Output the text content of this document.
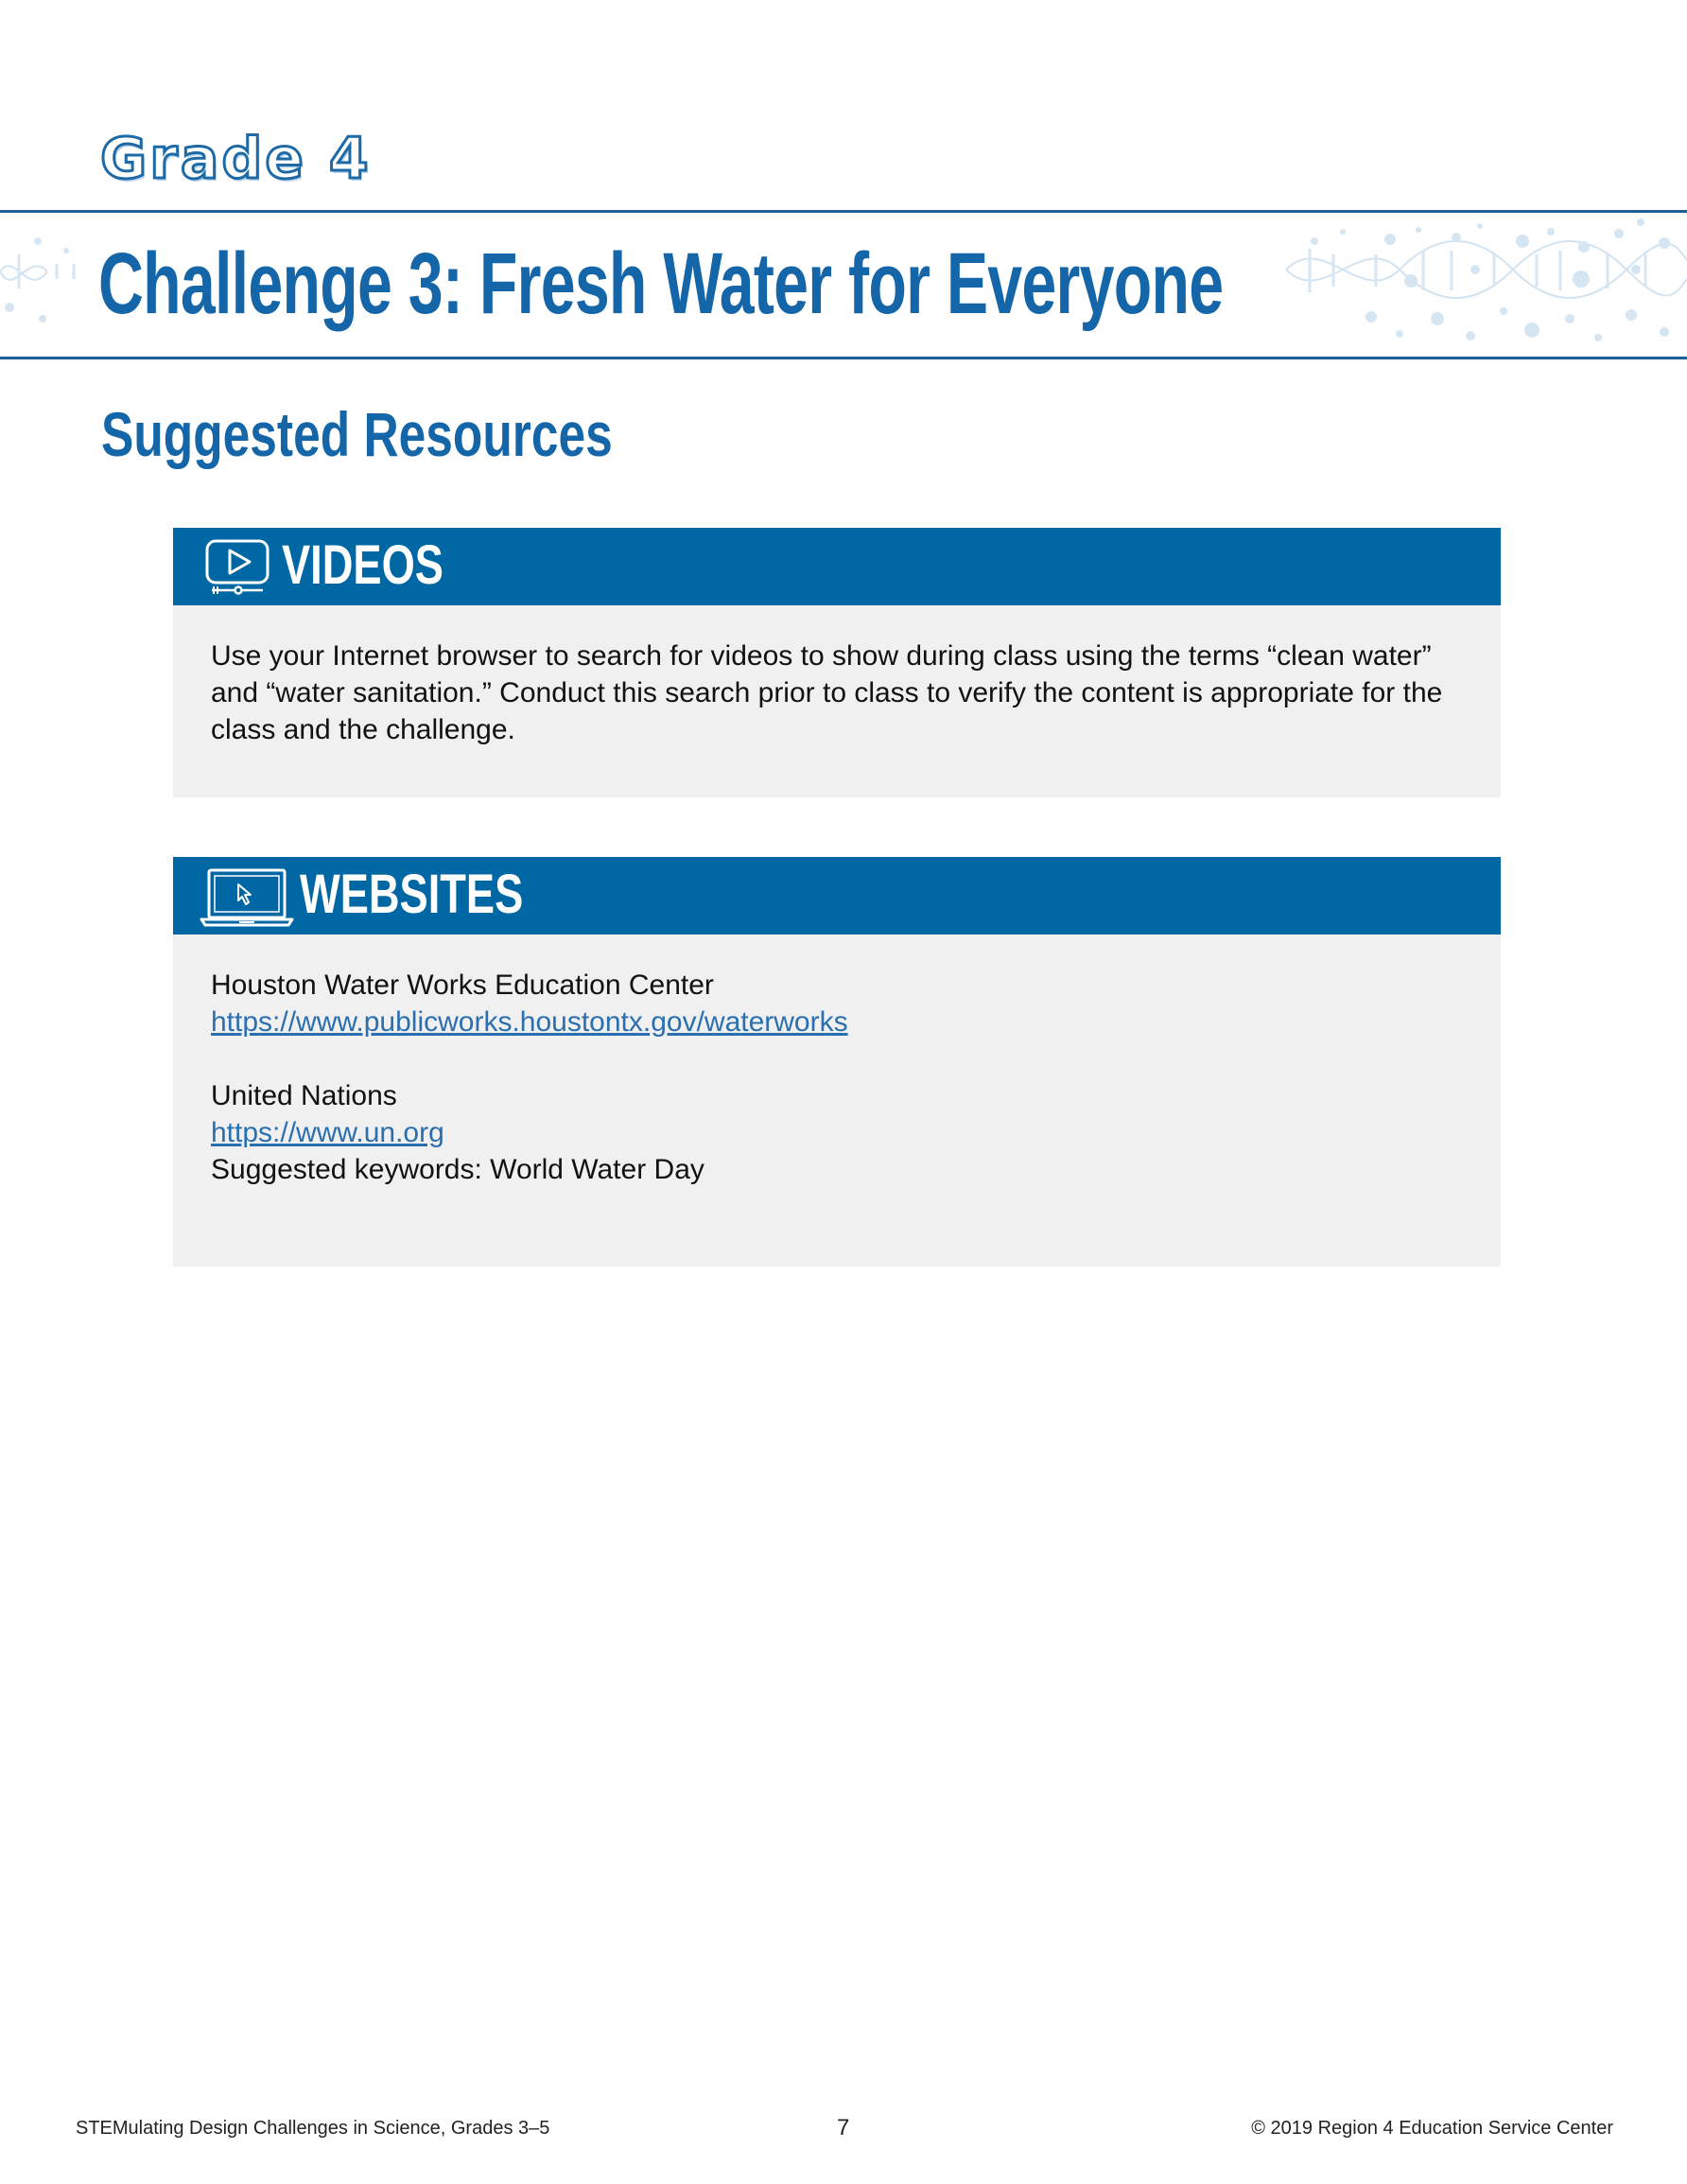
Grade 4
Challenge 3: Fresh Water for Everyone
Suggested Resources
VIDEOS

Use your Internet browser to search for videos to show during class using the terms “clean water” and “water sanitation.” Conduct this search prior to class to verify the content is appropriate for the class and the challenge.

WEBSITES

Houston Water Works Education Center

https://www.publicworks.houstontx.gov/waterworks

United Nations

https://www.un.org

Suggested keywords: World Water Day

STEMulating Design Challenges in Science, Grades 3–5	7	© 2019 Region 4 Education Service Center
